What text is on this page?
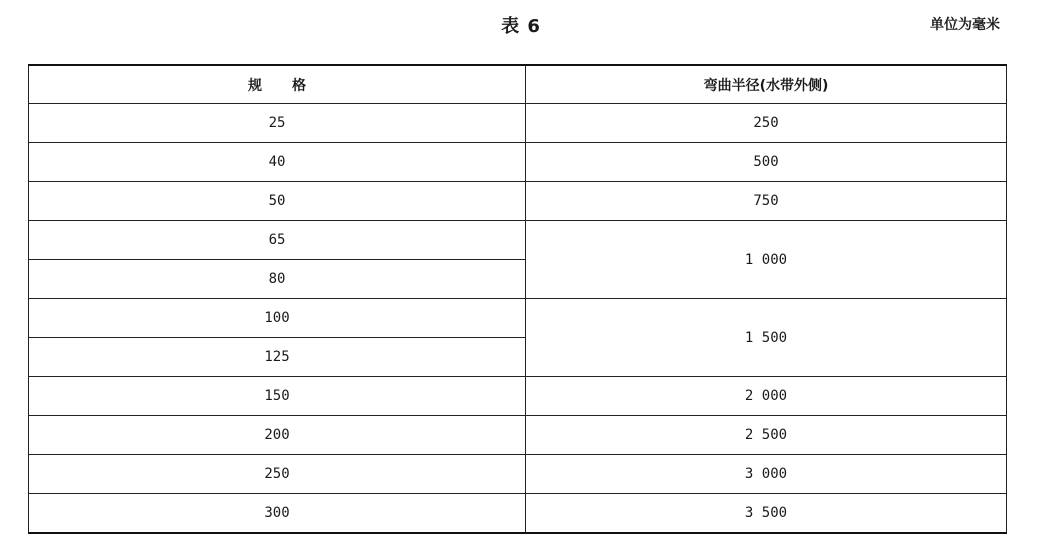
表 6	单位为毫米
规格	弯曲半径(水带外侧)
25	250
40	500
50	750
65	1 000
80	
100	1 500
125	
150	2 000
200	2 500
250	3 000
300	3 500
